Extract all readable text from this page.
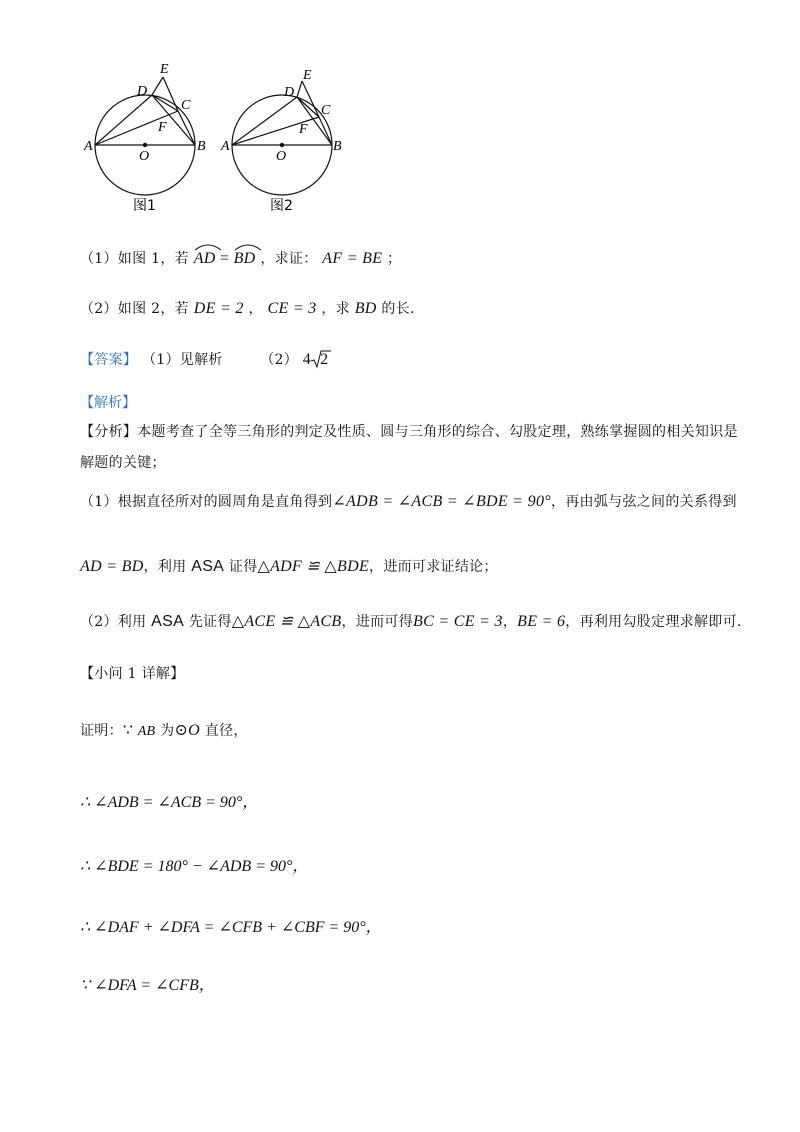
A	B
C
D
E
F
O
图1
A	B
C
D
E
F
O
图2
（1）如图 1，若 AD =
BD ，求证： AF = BE ；
（2）如图 2，若 DE = 2 ， CE = 3 ，求 BD 的长.
【答案】 （1）见解析	（2） 4 2
【解析】
【分析】本题考查了全等三角形的判定及性质、圆与三角形的综合、勾股定理，熟练掌握圆的相关知识是
解题的关键；
（1）根据直径所对的圆周角是直角得到∠ADB = ∠ACB = ∠BDE = 90°，再由弧与弦之间的关系得到
AD = BD，利用 ASA 证得△ADF ≌ △BDE，进而可求证结论；
（2）利用 ASA 先证得△ACE ≌ △ACB，进而可得BC = CE = 3，BE = 6，再利用勾股定理求解即可.
【小问 1 详解】
证明：∵ AB 为⊙O 直径，
∴ ∠ADB = ∠ACB = 90°，
∴ ∠BDE = 180° − ∠ADB = 90°，
∴ ∠DAF + ∠DFA = ∠CFB + ∠CBF = 90°，
∵ ∠DFA = ∠CFB，
